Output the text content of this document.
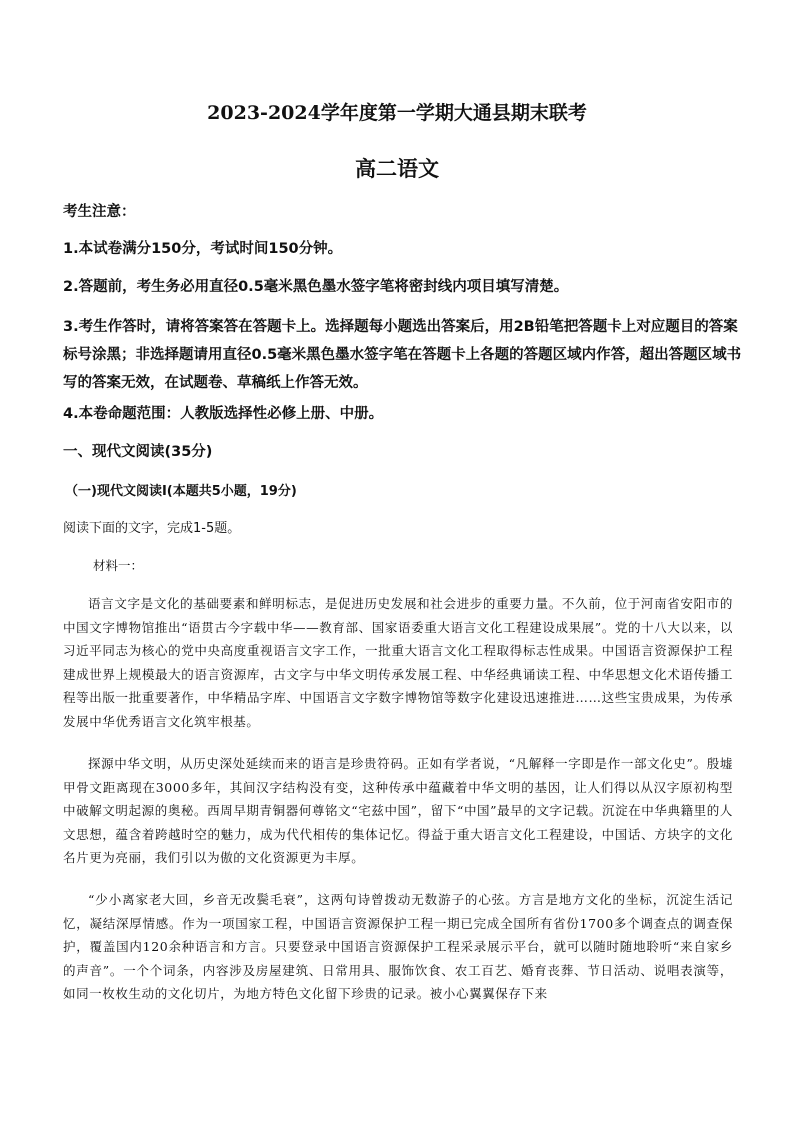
2023-2024学年度第一学期大通县期末联考
高二语文
考生注意：
1.本试卷满分150分，考试时间150分钟。
2.答题前，考生务必用直径0.5毫米黑色墨水签字笔将密封线内项目填写清楚。
3.考生作答时，请将答案答在答题卡上。选择题每小题选出答案后，用2B铅笔把答题卡上对应题目的答案标号涂黑；非选择题请用直径0.5毫米黑色墨水签字笔在答题卡上各题的答题区域内作答，超出答题区域书写的答案无效，在试题卷、草稿纸上作答无效。
4.本卷命题范围：人教版选择性必修上册、中册。
一、现代文阅读(35分)
（一)现代文阅读Ⅰ(本题共5小题，19分)
阅读下面的文字，完成1-5题。
材料一：
语言文字是文化的基础要素和鲜明标志，是促进历史发展和社会进步的重要力量。不久前，位于河南省安阳市的中国文字博物馆推出“语贯古今字载中华——教育部、国家语委重大语言文化工程建设成果展”。党的十八大以来，以习近平同志为核心的党中央高度重视语言文字工作，一批重大语言文化工程取得标志性成果。中国语言资源保护工程建成世界上规模最大的语言资源库，古文字与中华文明传承发展工程、中华经典诵读工程、中华思想文化术语传播工程等出版一批重要著作，中华精品字库、中国语言文字数字博物馆等数字化建设迅速推进……这些宝贵成果，为传承发展中华优秀语言文化筑牢根基。
探源中华文明，从历史深处延续而来的语言是珍贵符码。正如有学者说，“凡解释一字即是作一部文化史”。殷墟甲骨文距离现在3000多年，其间汉字结构没有变，这种传承中蕴藏着中华文明的基因，让人们得以从汉字原初构型中破解文明起源的奥秘。西周早期青铜器何尊铭文“宅兹中国”，留下“中国”最早的文字记载。沉淀在中华典籍里的人文思想，蕴含着跨越时空的魅力，成为代代相传的集体记忆。得益于重大语言文化工程建设，中国话、方块字的文化名片更为亮丽，我们引以为傲的文化资源更为丰厚。
“少小离家老大回，乡音无改鬓毛衰”，这两句诗曾拨动无数游子的心弦。方言是地方文化的坐标，沉淀生活记忆，凝结深厚情感。作为一项国家工程，中国语言资源保护工程一期已完成全国所有省份1700多个调查点的调查保护，覆盖国内120余种语言和方言。只要登录中国语言资源保护工程采录展示平台，就可以随时随地聆听“来自家乡的声音”。一个个词条，内容涉及房屋建筑、日常用具、服饰饮食、农工百艺、婚育丧葬、节日活动、说唱表演等，如同一枚枚生动的文化切片，为地方特色文化留下珍贵的记录。被小心翼翼保存下来
